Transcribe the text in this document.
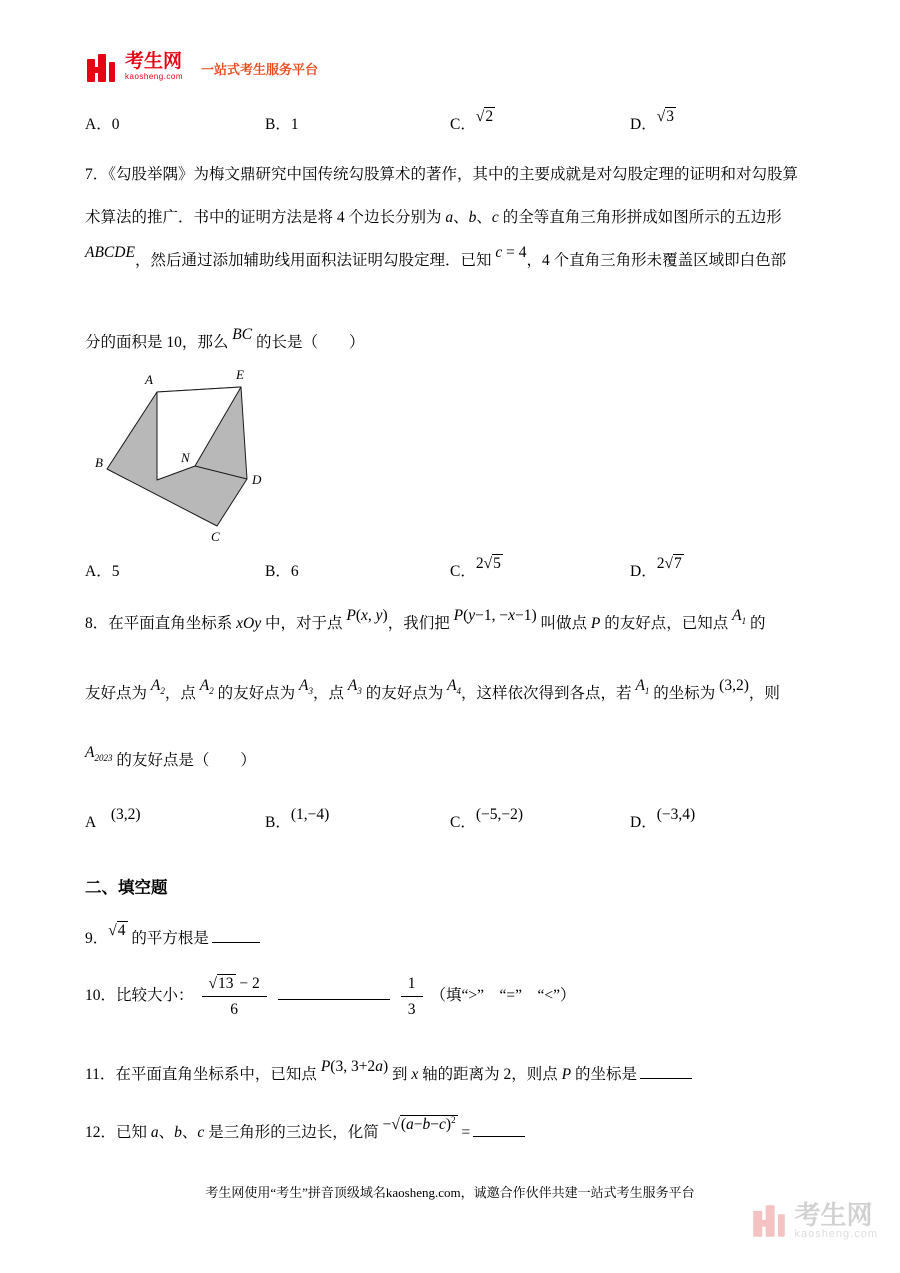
考生网
kaosheng.com 一站式考生服务平台
A．0	B．1	C．√2	D．√3
7．《勾股举隅》为梅文鼎研究中国传统勾股算术的著作，其中的主要成就是对勾股定理的证明和对勾股算
术算法的推广．书中的证明方法是将 4 个边长分别为 a、b、c 的全等直角三角形拼成如图所示的五边形
ABCDE，然后通过添加辅助线用面积法证明勾股定理．已知 c = 4，4 个直角三角形未覆盖区域即白色部
分的面积是 10，那么 BC 的长是（　　）
A	E
B	N
D
C
A．5	B．6	C．2√5	D．2√7
8．在平面直角坐标系 xOy 中，对于点 P(x, y)，我们把 P(y−1, −x−1) 叫做点 P 的友好点，已知点 $A_1$ 的
友好点为 $A_2$，点 $A_2$ 的友好点为 $A_3$，点 $A_3$ 的友好点为 $A_4$，这样依次得到各点，若 $A_1$ 的坐标为 (3,2)，则
$A_{2023}$ 的友好点是（　　）
A　(3,2)	B．(1,−4)	C．(−5,−2)	D．(−3,4)
二、填空题
9．√4 的平方根是
10．比较大小： $\frac{√13 - 2}{6}$	$\frac{1}{3}$ （填“>”　“=”　“<”）
11．在平面直角坐标系中，已知点 P(3, 3+2a) 到 x 轴的距离为 2，则点 P 的坐标是
12．已知 a、b、c 是三角形的三边长，化简 $-√(a-b-c)^2$ =
考生网使用“考生”拼音顶级域名kaosheng.com，诚邀合作伙伴共建一站式考生服务平台
考生网
kaosheng.com
